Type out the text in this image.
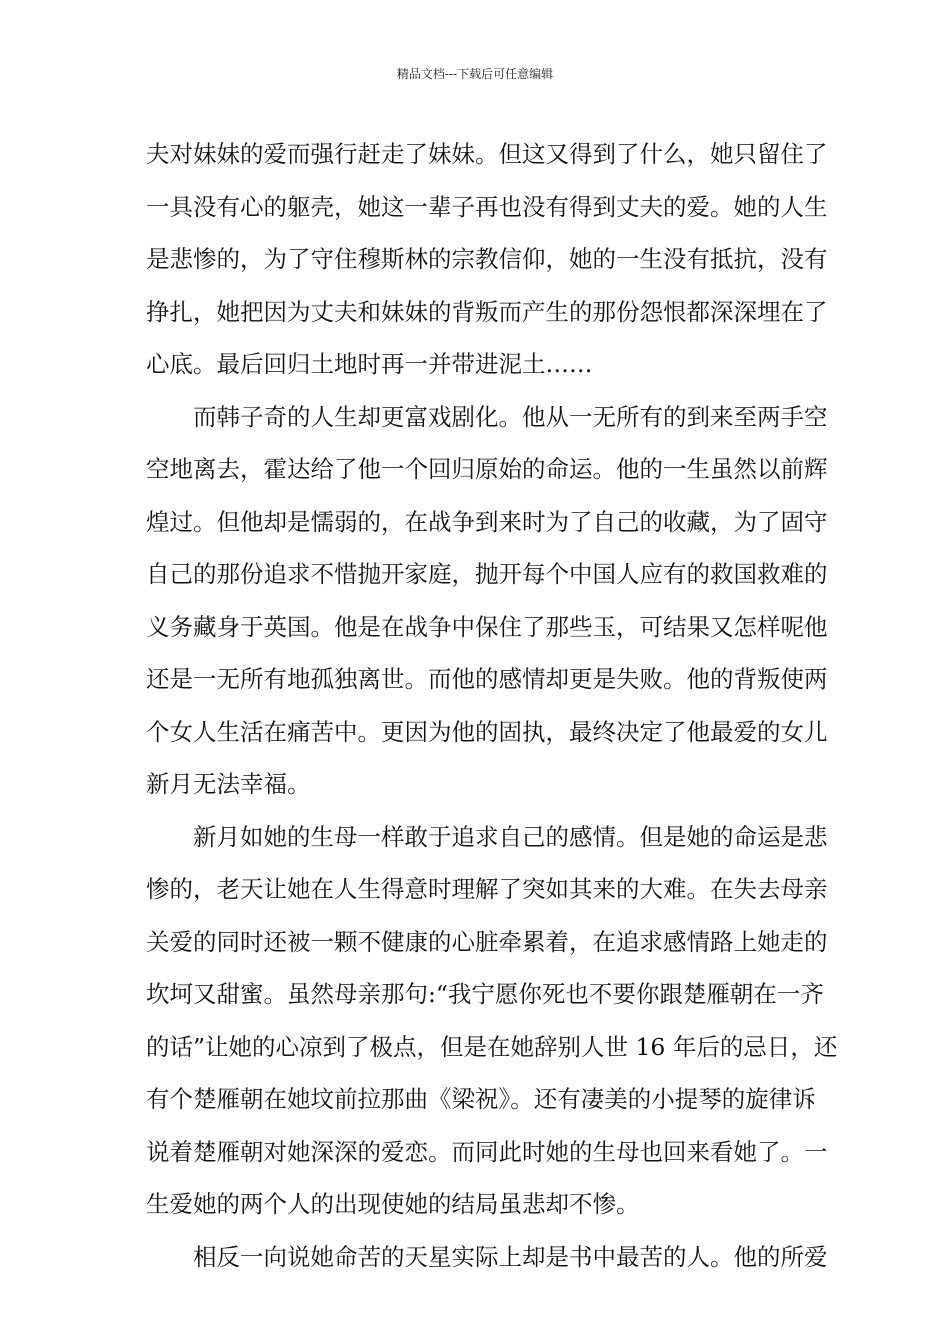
精品文档---下载后可任意编辑
夫对妹妹的爱而强行赶走了妹妹。但这又得到了什么，她只留住了
一具没有心的躯壳，她这一辈子再也没有得到丈夫的爱。她的人生
是悲惨的，为了守住穆斯林的宗教信仰，她的一生没有抵抗，没有
挣扎，她把因为丈夫和妹妹的背叛而产生的那份怨恨都深深埋在了
心底。最后回归土地时再一并带进泥土……
而韩子奇的人生却更富戏剧化。他从一无所有的到来至两手空
空地离去，霍达给了他一个回归原始的命运。他的一生虽然以前辉
煌过。但他却是懦弱的，在战争到来时为了自己的收藏，为了固守
自己的那份追求不惜抛开家庭，抛开每个中国人应有的救国救难的
义务藏身于英国。他是在战争中保住了那些玉，可结果又怎样呢他
还是一无所有地孤独离世。而他的感情却更是失败。他的背叛使两
个女人生活在痛苦中。更因为他的固执，最终决定了他最爱的女儿
新月无法幸福。
新月如她的生母一样敢于追求自己的感情。但是她的命运是悲
惨的，老天让她在人生得意时理解了突如其来的大难。在失去母亲
关爱的同时还被一颗不健康的心脏牵累着，在追求感情路上她走的
坎坷又甜蜜。虽然母亲那句:“我宁愿你死也不要你跟楚雁朝在一齐
的话”让她的心凉到了极点，但是在她辞别人世 16 年后的忌日，还
有个楚雁朝在她坟前拉那曲《梁祝》。还有凄美的小提琴的旋律诉
说着楚雁朝对她深深的爱恋。而同此时她的生母也回来看她了。一
生爱她的两个人的出现使她的结局虽悲却不惨。
相反一向说她命苦的天星实际上却是书中最苦的人。他的所爱
